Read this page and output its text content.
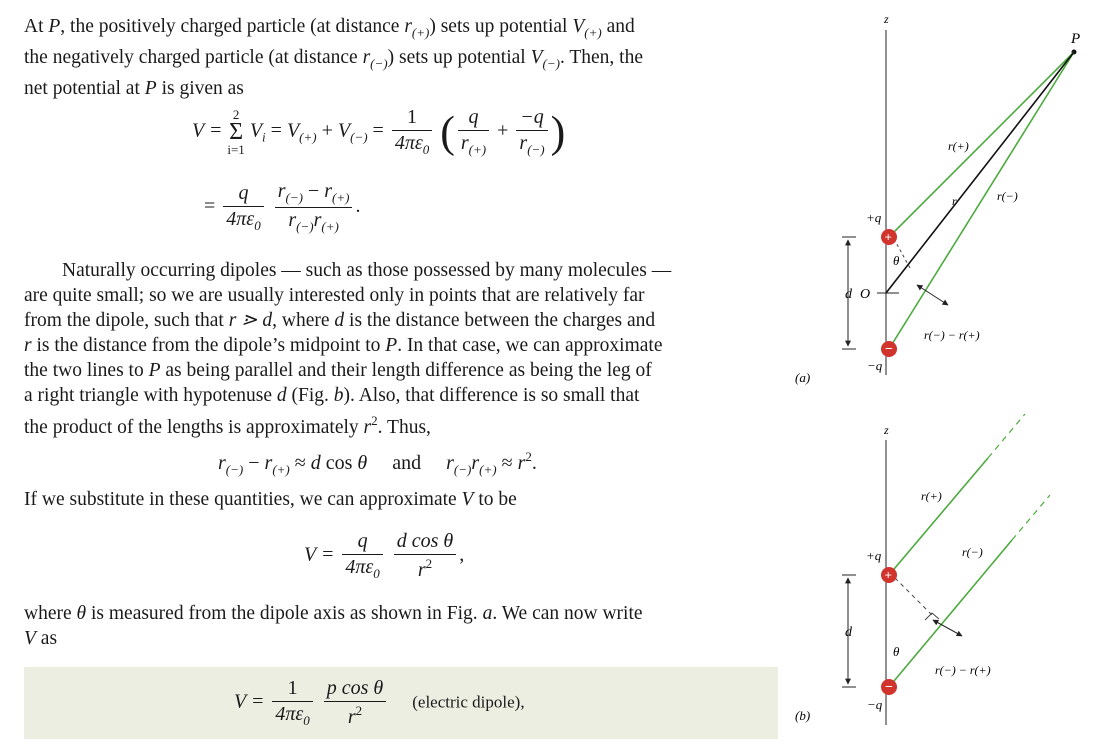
At P, the positively charged particle (at distance $r_{(+)}$) sets up potential $V_{(+)}$ and
the negatively charged particle (at distance $r_{(-)}$) sets up potential $V_{(-)}$. Then, the
net potential at P is given as

V =
2
Σ
i=1
$V_i = V_{(+)} + V_{(-)} = \frac{1}{4\pi\varepsilon_0}$ ( $\frac{q}{r_{(+)}} + \frac{-q}{r_{(-)}}$ )
= $\frac{q}{4\pi\varepsilon_0}$
$\frac{r_{(-)} - r_{(+)}}{r_{(-)}r_{(+)}}$ .

Naturally occurring dipoles — such as those possessed by many molecules —
are quite small; so we are usually interested only in points that are relatively far
from the dipole, such that r ⋗ d, where d is the distance between the charges and
r is the distance from the dipole’s midpoint to P. In that case, we can approximate
the two lines to P as being parallel and their length difference as being the leg of
a right triangle with hypotenuse d (Fig. b). Also, that difference is so small that
the product of the lengths is approximately $r^2$. Thus,

$r_{(-)} - r_{(+)} \approx d$ cos θ and $r_{(-)}r_{(+)} \approx r^2$.

If we substitute in these quantities, we can approximate V to be

$V = \frac{q}{4\pi\varepsilon_0}$
$\frac{\text{d cos θ}}{r^2}$ ,

where θ is measured from the dipole axis as shown in Fig. a. We can now write
V as

$V = \frac{1}{4\pi\varepsilon_0}$
$\frac{\text{p cos θ}}{r^2}$ (electric dipole),
z
P
d O
θ
r
r(+)
r(−)
r(−) − r(+)
+q
−q
+
−
(a)
z
d
θ
r(+)
r(−)
r(−) − r(+)
+q
−q
+
−
(b)
